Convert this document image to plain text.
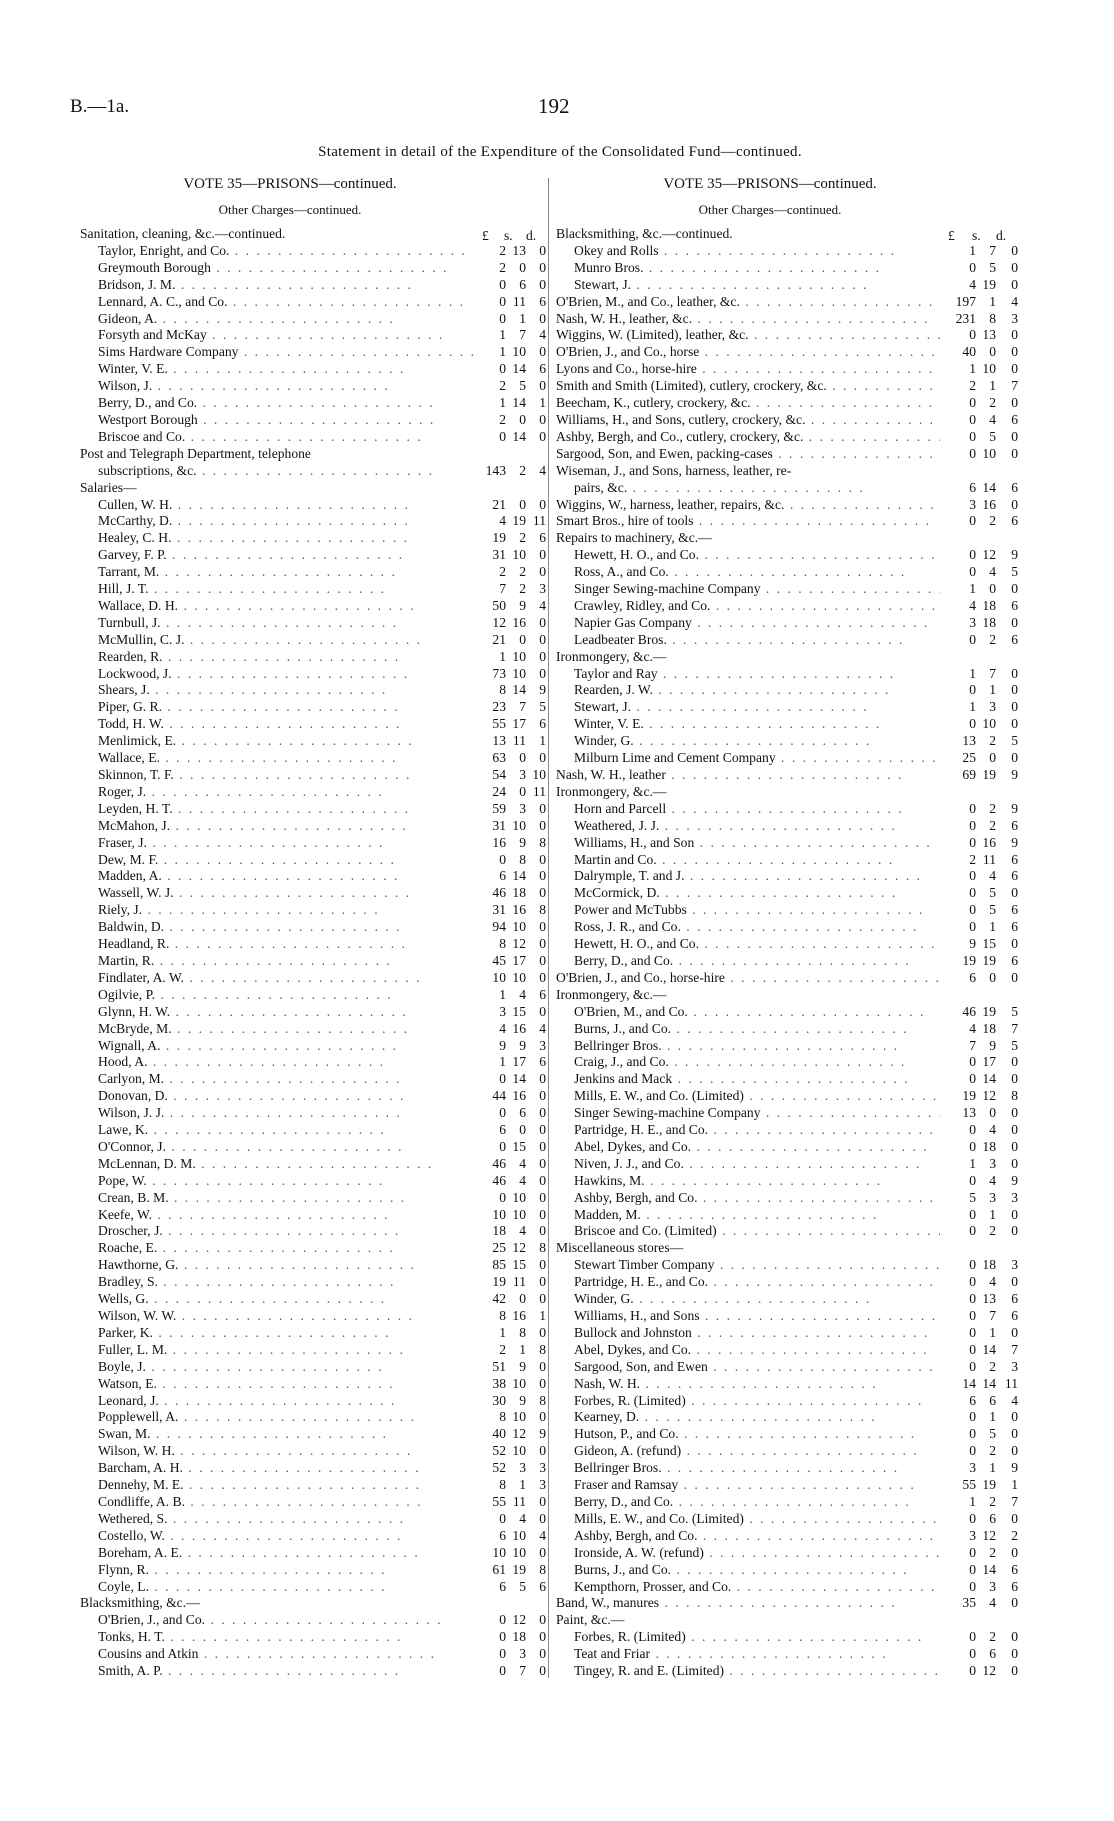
B.—1a.	192
Statement in detail of the Expenditure of the Consolidated Fund—continued.
VOTE 35—PRISONS—continued.
Other Charges—continued.
VOTE 35—PRISONS—continued.
Other Charges—continued.
£ s. d.	£ s. d.
Sanitation, cleaning, &c.—continued.
Taylor, Enright, and Co. . .	2 13 0
Greymouth Borough . .	2 0 0
Bridson, J. M. . .	0 6 0
Lennard, A. C., and Co. . .	0 11 6
Gideon, A. . .	0 1 0
Forsyth and McKay . .	1 7 4
Sims Hardware Company . .	1 10 0
Winter, V. E. . .	0 14 6
Wilson, J. . .	2 5 0
Berry, D., and Co. . .	1 14 1
Westport Borough . .	2 0 0
Briscoe and Co. . .	0 14 0
Post and Telegraph Department, telephone
subscriptions, &c. . .	143 2 4
Salaries—
Cullen, W. H. . .	21 0 0
McCarthy, D. . .	4 19 11
Healey, C. H. . .	19 2 6
Garvey, F. P. . .	31 10 0
Tarrant, M. . .	2 2 0
Hill, J. T. . .	7 2 3
Wallace, D. H. . .	50 9 4
Turnbull, J. . .	12 16 0
McMullin, C. J. . .	21 0 0
Rearden, R. . .	1 10 0
Lockwood, J. . .	73 10 0
Shears, J. . .	8 14 9
Piper, G. R. . .	23 7 5
Todd, H. W. . .	55 17 6
Menlimick, E. . .	13 11 1
Wallace, E. . .	63 0 0
Skinnon, T. F. . .	54 3 10
Roger, J. . .	24 0 11
Leyden, H. T. . .	59 3 0
McMahon, J. . .	31 10 0
Fraser, J. . .	16 9 8
Dew, M. F. . .	0 8 0
Madden, A. . .	6 14 0
Wassell, W. J. . .	46 18 0
Riely, J. . .	31 16 8
Baldwin, D. . .	94 10 0
Headland, R. . .	8 12 0
Martin, R. . .	45 17 0
Findlater, A. W. . .	10 10 0
Ogilvie, P. . .	1 4 6
Glynn, H. W. . .	3 15 0
McBryde, M. . .	4 16 4
Wignall, A. . .	9 9 3
Hood, A. . .	1 17 6
Carlyon, M. . .	0 14 0
Donovan, D. . .	44 16 0
Wilson, J. J. . .	0 6 0
Lawe, K. . .	6 0 0
O'Connor, J. . .	0 15 0
McLennan, D. M. . .	46 4 0
Pope, W. . .	46 4 0
Crean, B. M. . .	0 10 0
Keefe, W. . .	10 10 0
Droscher, J. . .	18 4 0
Roache, E. . .	25 12 8
Hawthorne, G. . .	85 15 0
Bradley, S. . .	19 11 0
Wells, G. . .	42 0 0
Wilson, W. W. . .	8 16 1
Parker, K. . .	1 8 0
Fuller, L. M. . .	2 1 8
Boyle, J. . .	51 9 0
Watson, E. . .	38 10 0
Leonard, J. . .	30 9 8
Popplewell, A. . .	8 10 0
Swan, M. . .	40 12 9
Wilson, W. H. . .	52 10 0
Barcham, A. H. . .	52 3 3
Dennehy, M. E. . .	8 1 3
Condliffe, A. B. . .	55 11 0
Wethered, S. . .	0 4 0
Costello, W. . .	6 10 4
Boreham, A. E. . .	10 10 0
Flynn, R. . .	61 19 8
Coyle, L. . .	6 5 6
Blacksmithing, &c.—
O'Brien, J., and Co. . .	0 12 0
Tonks, H. T. . .	0 18 0
Cousins and Atkin . .	0 3 0
Smith, A. P. . .	0 7 0
Blacksmithing, &c.—continued.
Okey and Rolls . .	1 7	0
Munro Bros. . .	0 5	0
Stewart, J. . .	4 19	0
O'Brien, M., and Co., leather, &c. . .	197 1	4
Nash, W. H., leather, &c. . .	231 8	3
Wiggins, W. (Limited), leather, &c. . .	0 13	0
O'Brien, J., and Co., horse . .	40 0	0
Lyons and Co., horse-hire . .	1 10	0
Smith and Smith (Limited), cutlery, crockery, &c. . .	2 1	7
Beecham, K., cutlery, crockery, &c. . .	0 2	0
Williams, H., and Sons, cutlery, crockery, &c. . .	0 4	6
Ashby, Bergh, and Co., cutlery, crockery, &c. . .	0 5	0
Sargood, Son, and Ewen, packing-cases . .	0 10	0
Wiseman, J., and Sons, harness, leather, re-
pairs, &c. . .	6 14	6
Wiggins, W., harness, leather, repairs, &c. . .	3 16	0
Smart Bros., hire of tools . .	0 2	6
Repairs to machinery, &c.—
Hewett, H. O., and Co. . .	0 12	9
Ross, A., and Co. . .	0 4	5
Singer Sewing-machine Company . .	1 0	0
Crawley, Ridley, and Co. . .	4 18	6
Napier Gas Company . .	3 18	0
Leadbeater Bros. . .	0 2	6
Ironmongery, &c.—
Taylor and Ray . .	1 7	0
Rearden, J. W. . .	0 1	0
Stewart, J. . .	1 3	0
Winter, V. E. . .	0 10	0
Winder, G. . .	13 2	5
Milburn Lime and Cement Company . .	25 0	0
Nash, W. H., leather . .	69 19	9
Ironmongery, &c.—
Horn and Parcell . .	0 2	9
Weathered, J. J. . .	0 2	6
Williams, H., and Son . .	0 16	9
Martin and Co. . .	2 11	6
Dalrymple, T. and J. . .	0 4	6
McCormick, D. . .	0 5	0
Power and McTubbs . .	0 5	6
Ross, J. R., and Co. . .	0 1	6
Hewett, H. O., and Co. . .	9 15	0
Berry, D., and Co. . .	19 19	6
O'Brien, J., and Co., horse-hire . .	6 0	0
Ironmongery, &c.—
O'Brien, M., and Co. . .	46 19	5
Burns, J., and Co. . .	4 18	7
Bellringer Bros. . .	7 9	5
Craig, J., and Co. . .	0 17	0
Jenkins and Mack . .	0 14	0
Mills, E. W., and Co. (Limited) . .	19 12	8
Singer Sewing-machine Company . .	13 0	0
Partridge, H. E., and Co. . .	0 4	0
Abel, Dykes, and Co. . .	0 18	0
Niven, J. J., and Co. . .	1 3	0
Hawkins, M. . .	0 4	9
Ashby, Bergh, and Co. . .	5 3	3
Madden, M. . .	0 1	0
Briscoe and Co. (Limited) . .	0 2	0
Miscellaneous stores—
Stewart Timber Company . .	0 18	3
Partridge, H. E., and Co. . .	0 4	0
Winder, G. . .	0 13	6
Williams, H., and Sons . .	0 7	6
Bullock and Johnston . .	0 1	0
Abel, Dykes, and Co. . .	0 14	7
Sargood, Son, and Ewen . .	0 2	3
Nash, W. H. . .	14 14 11
Forbes, R. (Limited) . .	6 6	4
Kearney, D. . .	0 1	0
Hutson, P., and Co. . .	0 5	0
Gideon, A. (refund) . .	0 2	0
Bellringer Bros. . .	3 1	9
Fraser and Ramsay . .	55 19	1
Berry, D., and Co. . .	1 2	7
Mills, E. W., and Co. (Limited) . .	0 6	0
Ashby, Bergh, and Co. . .	3 12	2
Ironside, A. W. (refund) . .	0 2	0
Burns, J., and Co. . .	0 14	6
Kempthorn, Prosser, and Co. . .	0 3	6
Band, W., manures . .	35 4	0
Paint, &c.—
Forbes, R. (Limited) . .	0 2	0
Teat and Friar . .	0 6	0
Tingey, R. and E. (Limited) . .	0 12	0
